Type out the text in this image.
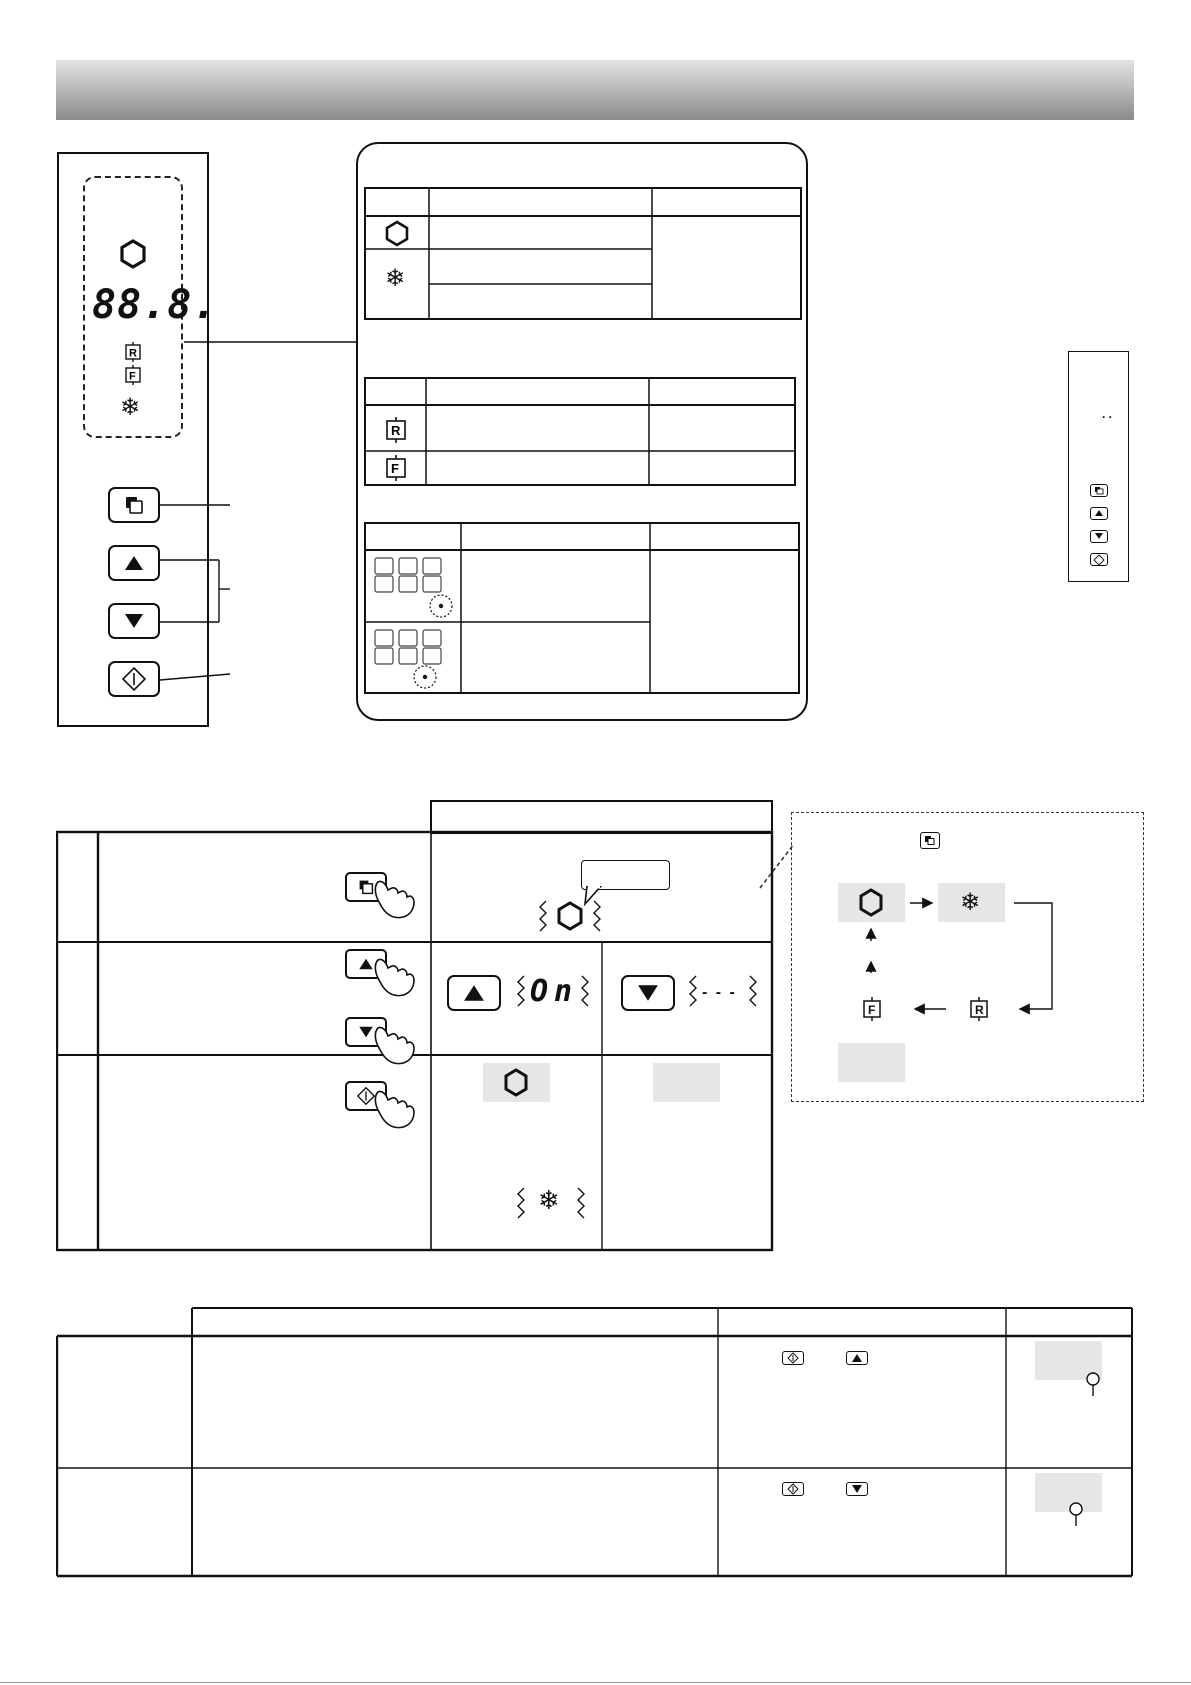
88.8.
R
F
❄
❄
R
F
. .
On	- - -
❄
❄
R
F
